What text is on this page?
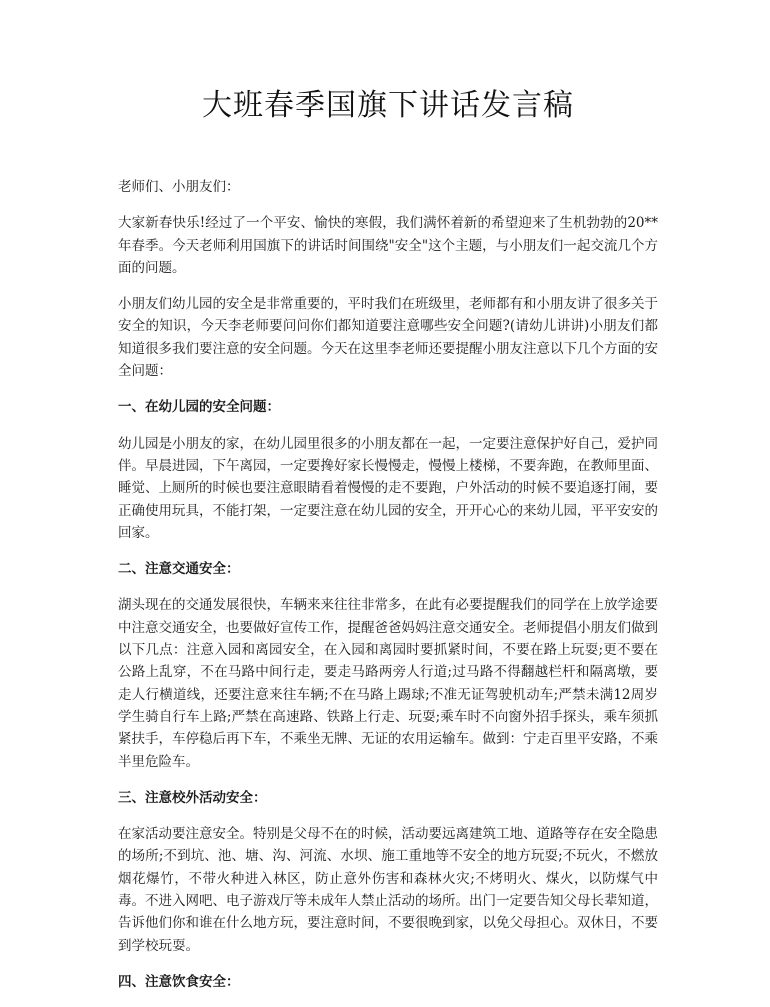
大班春季国旗下讲话发言稿

老师们、小朋友们：

大家新春快乐!经过了一个平安、愉快的寒假，我们满怀着新的希望迎来了生机勃勃的20**年春季。今天老师利用国旗下的讲话时间围绕"安全"这个主题，与小朋友们一起交流几个方面的问题。

小朋友们幼儿园的安全是非常重要的，平时我们在班级里，老师都有和小朋友讲了很多关于安全的知识，今天李老师要问问你们都知道要注意哪些安全问题?(请幼儿讲讲)小朋友们都知道很多我们要注意的安全问题。今天在这里李老师还要提醒小朋友注意以下几个方面的安全问题：

一、在幼儿园的安全问题：

幼儿园是小朋友的家，在幼儿园里很多的小朋友都在一起，一定要注意保护好自己，爱护同伴。早晨进园，下午离园，一定要搀好家长慢慢走，慢慢上楼梯，不要奔跑，在教师里面、睡觉、上厕所的时候也要注意眼睛看着慢慢的走不要跑，户外活动的时候不要追逐打闹，要正确使用玩具，不能打架，一定要注意在幼儿园的安全，开开心心的来幼儿园，平平安安的回家。

二、注意交通安全：

湖头现在的交通发展很快，车辆来来往往非常多，在此有必要提醒我们的同学在上放学途要中注意交通安全，也要做好宣传工作，提醒爸爸妈妈注意交通安全。老师提倡小朋友们做到以下几点：注意入园和离园安全，在入园和离园时要抓紧时间，不要在路上玩耍;更不要在公路上乱穿，不在马路中间行走，要走马路两旁人行道;过马路不得翻越栏杆和隔离墩，要走人行横道线，还要注意来往车辆;不在马路上踢球;不准无证驾驶机动车;严禁未满12周岁学生骑自行车上路;严禁在高速路、铁路上行走、玩耍;乘车时不向窗外招手探头，乘车须抓紧扶手，车停稳后再下车，不乘坐无牌、无证的农用运输车。做到：宁走百里平安路，不乘半里危险车。

三、注意校外活动安全：

在家活动要注意安全。特别是父母不在的时候，活动要远离建筑工地、道路等存在安全隐患的场所;不到坑、池、塘、沟、河流、水坝、施工重地等不安全的地方玩耍;不玩火，不燃放烟花爆竹，不带火种进入林区，防止意外伤害和森林火灾;不烤明火、煤火，以防煤气中毒。不进入网吧、电子游戏厅等未成年人禁止活动的场所。出门一定要告知父母长辈知道，告诉他们你和谁在什么地方玩，要注意时间，不要很晚到家，以免父母担心。双休日，不要到学校玩耍。

四、注意饮食安全：
